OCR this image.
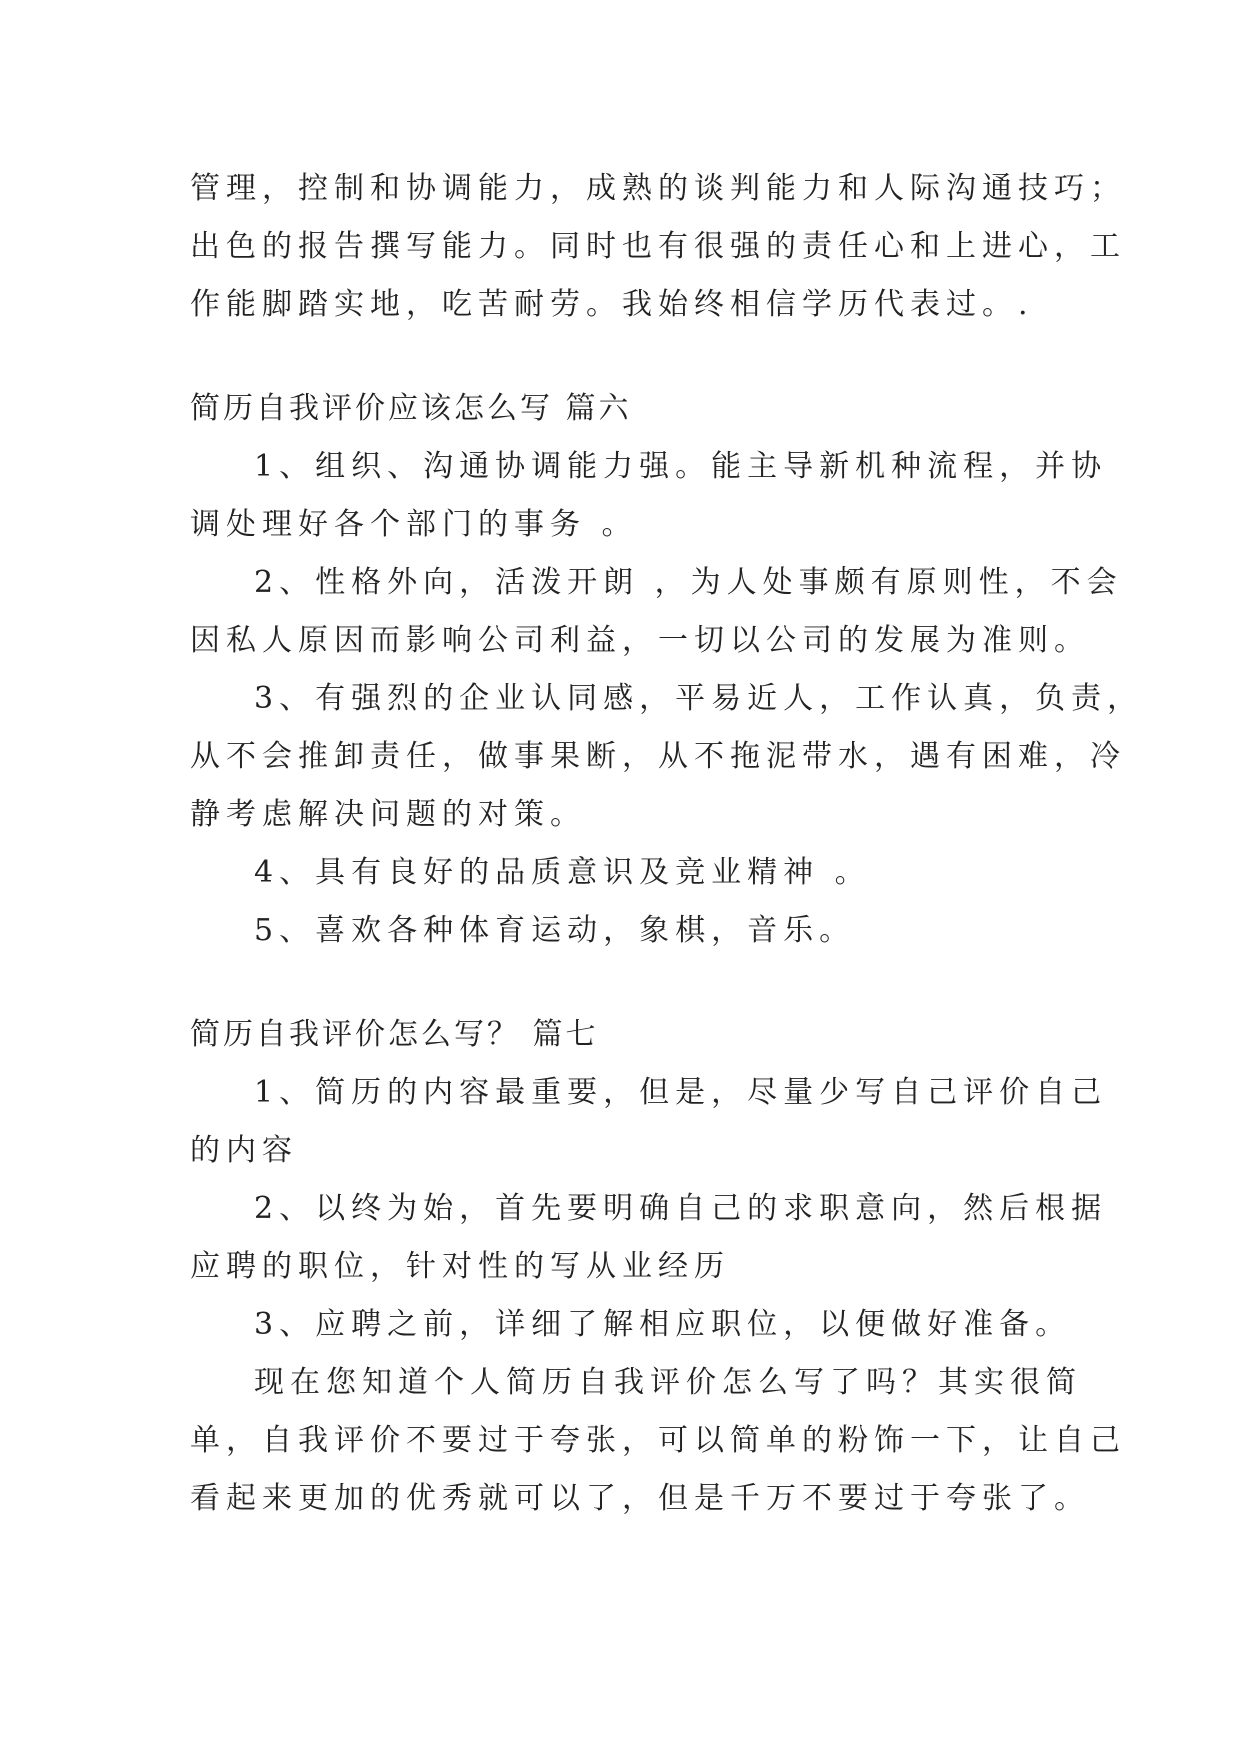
管理，控制和协调能力，成熟的谈判能力和人际沟通技巧；

出色的报告撰写能力。同时也有很强的责任心和上进心，工

作能脚踏实地，吃苦耐劳。我始终相信学历代表过。.

简历自我评价应该怎么写 篇六

1、组织、沟通协调能力强。能主导新机种流程，并协

调处理好各个部门的事务 。

2、性格外向，活泼开朗 ，为人处事颇有原则性，不会

因私人原因而影响公司利益，一切以公司的发展为准则。

3、有强烈的企业认同感，平易近人，工作认真，负责，

从不会推卸责任，做事果断，从不拖泥带水，遇有困难，冷

静考虑解决问题的对策。

4、具有良好的品质意识及竞业精神 。

5、喜欢各种体育运动，象棋，音乐。

简历自我评价怎么写？ 篇七

1、简历的内容最重要，但是，尽量少写自己评价自己

的内容

2、以终为始，首先要明确自己的求职意向，然后根据

应聘的职位，针对性的写从业经历

3、应聘之前，详细了解相应职位，以便做好准备。

现在您知道个人简历自我评价怎么写了吗？其实很简

单，自我评价不要过于夸张，可以简单的粉饰一下，让自己

看起来更加的优秀就可以了，但是千万不要过于夸张了。
